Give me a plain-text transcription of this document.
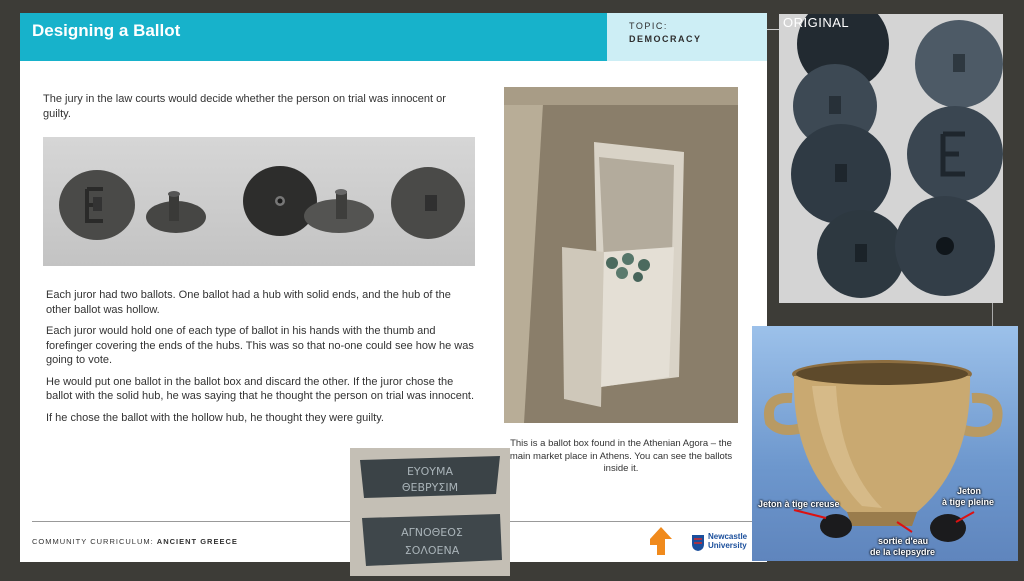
Designing a Ballot	TOPIC:
DEMOCRACY
The jury in the law courts would decide whether the person on trial was innocent or guilty.

Each juror had two ballots. One ballot had a hub with solid ends, and the hub of the other ballot was hollow.

Each juror would hold one of each type of ballot in his hands with the thumb and forefinger covering the ends of the hubs. This was so that no-one could see how he was going to vote.

He would put one ballot in the ballot box and discard the other. If the juror chose the ballot with the solid hub, he was saying that he thought the person on trial was innocent.

If he chose the ballot with the hollow hub, he thought they were guilty.

This is a ballot box found in the Athenian Agora – the main market place in Athens. You can see the ballots inside it.
COMMUNITY CURRICULUM: ANCIENT GREECE
Newcastle
University
ΕΥΟΥΜΑ
ΘΕΒΡΥΣΙΜ
ΑΓΝΟΘΕΟΣ
ΣΟΛΟΕΝΑ
ORIGINAL
Jeton à tige creuse
Jeton
à tige pleine
sortie d'eau
de la clepsydre
